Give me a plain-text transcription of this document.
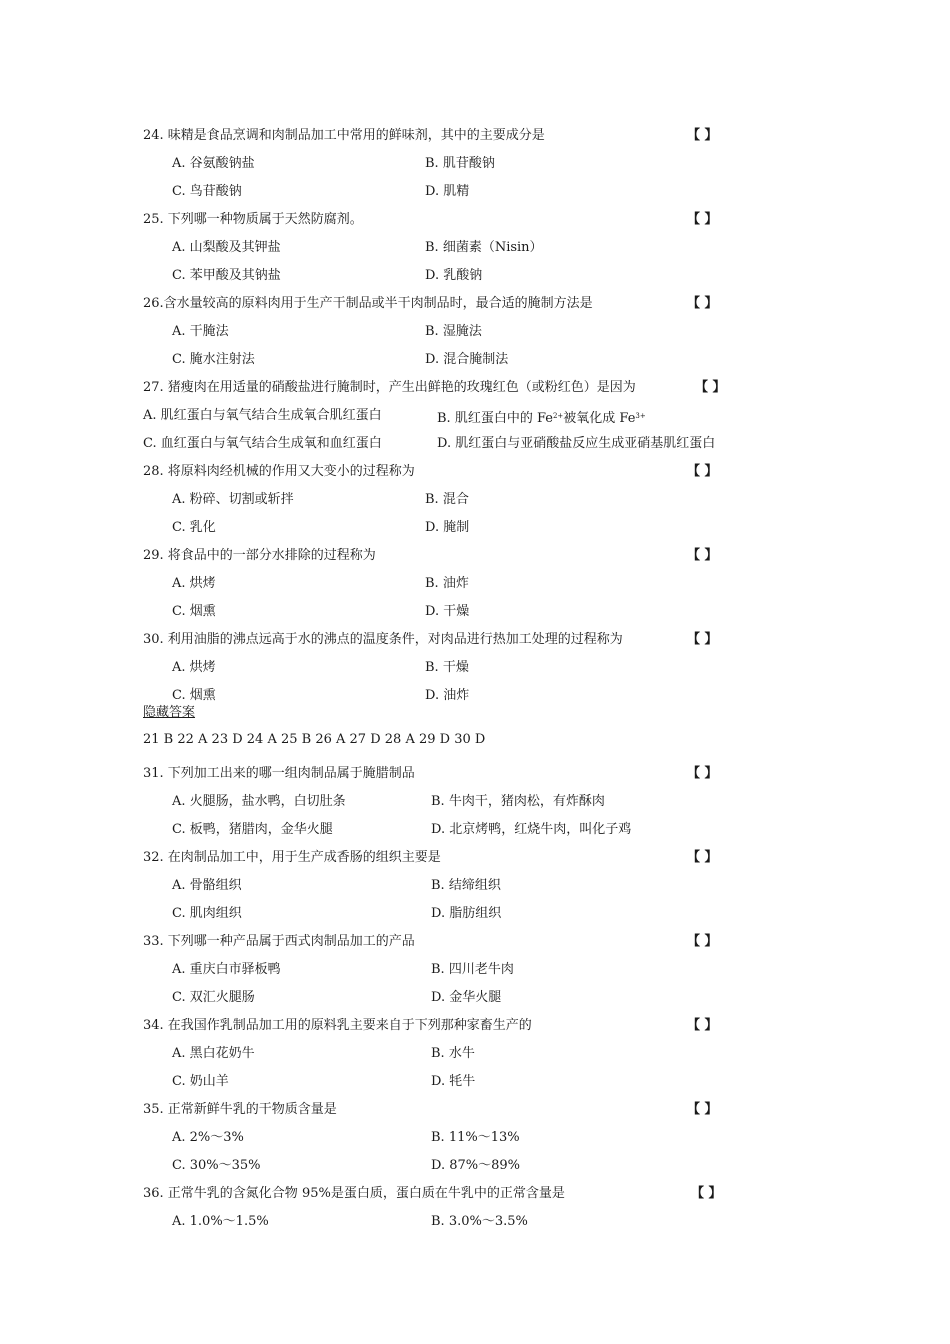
24. 味精是食品烹调和肉制品加工中常用的鲜味剂，其中的主要成分是	【 】
A. 谷氨酸钠盐	B. 肌苷酸钠
C. 鸟苷酸钠	D. 肌精
25. 下列哪一种物质属于天然防腐剂。	【 】
A. 山梨酸及其钾盐	B. 细菌素（Nisin）
C. 苯甲酸及其钠盐	D. 乳酸钠
26.含水量较高的原料肉用于生产干制品或半干肉制品时，最合适的腌制方法是	【 】
A. 干腌法	B. 湿腌法
C. 腌水注射法	D. 混合腌制法
27. 猪瘦肉在用适量的硝酸盐进行腌制时，产生出鲜艳的玫瑰红色（或粉红色）是因为	【 】
A. 肌红蛋白与氧气结合生成氧合肌红蛋白	B. 肌红蛋白中的 $Fe^{2+}$被氧化成 $Fe^{3+}$
C. 血红蛋白与氧气结合生成氧和血红蛋白	D. 肌红蛋白与亚硝酸盐反应生成亚硝基肌红蛋白
28. 将原料肉经机械的作用又大变小的过程称为	【 】
A. 粉碎、切割或斩拌	B. 混合
C. 乳化	D. 腌制
29. 将食品中的一部分水排除的过程称为	【 】
A. 烘烤	B. 油炸
C. 烟熏	D. 干燥
30. 利用油脂的沸点远高于水的沸点的温度条件，对肉品进行热加工处理的过程称为	【 】
A. 烘烤	B. 干燥
C. 烟熏	D. 油炸
隐藏答案
21 B 22 A 23 D 24 A 25 B 26 A 27 D 28 A 29 D 30 D
31. 下列加工出来的哪一组肉制品属于腌腊制品	【 】
A. 火腿肠，盐水鸭，白切肚条	B. 牛肉干，猪肉松，有炸酥肉
C. 板鸭，猪腊肉，金华火腿	D. 北京烤鸭，红烧牛肉，叫化子鸡
32. 在肉制品加工中，用于生产成香肠的组织主要是	【 】
A. 骨骼组织	B. 结缔组织
C. 肌肉组织	D. 脂肪组织
33. 下列哪一种产品属于西式肉制品加工的产品	【 】
A. 重庆白市驿板鸭	B. 四川老牛肉
C. 双汇火腿肠	D. 金华火腿
34. 在我国作乳制品加工用的原料乳主要来自于下列那种家畜生产的	【 】
A. 黑白花奶牛	B. 水牛
C. 奶山羊	D. 牦牛
35. 正常新鲜牛乳的干物质含量是	【 】
A. 2%～3%	B. 11%～13%
C. 30%～35%	D. 87%～89%
36. 正常牛乳的含氮化合物 95%是蛋白质，蛋白质在牛乳中的正常含量是	【 】
A. 1.0%～1.5%	B. 3.0%～3.5%
